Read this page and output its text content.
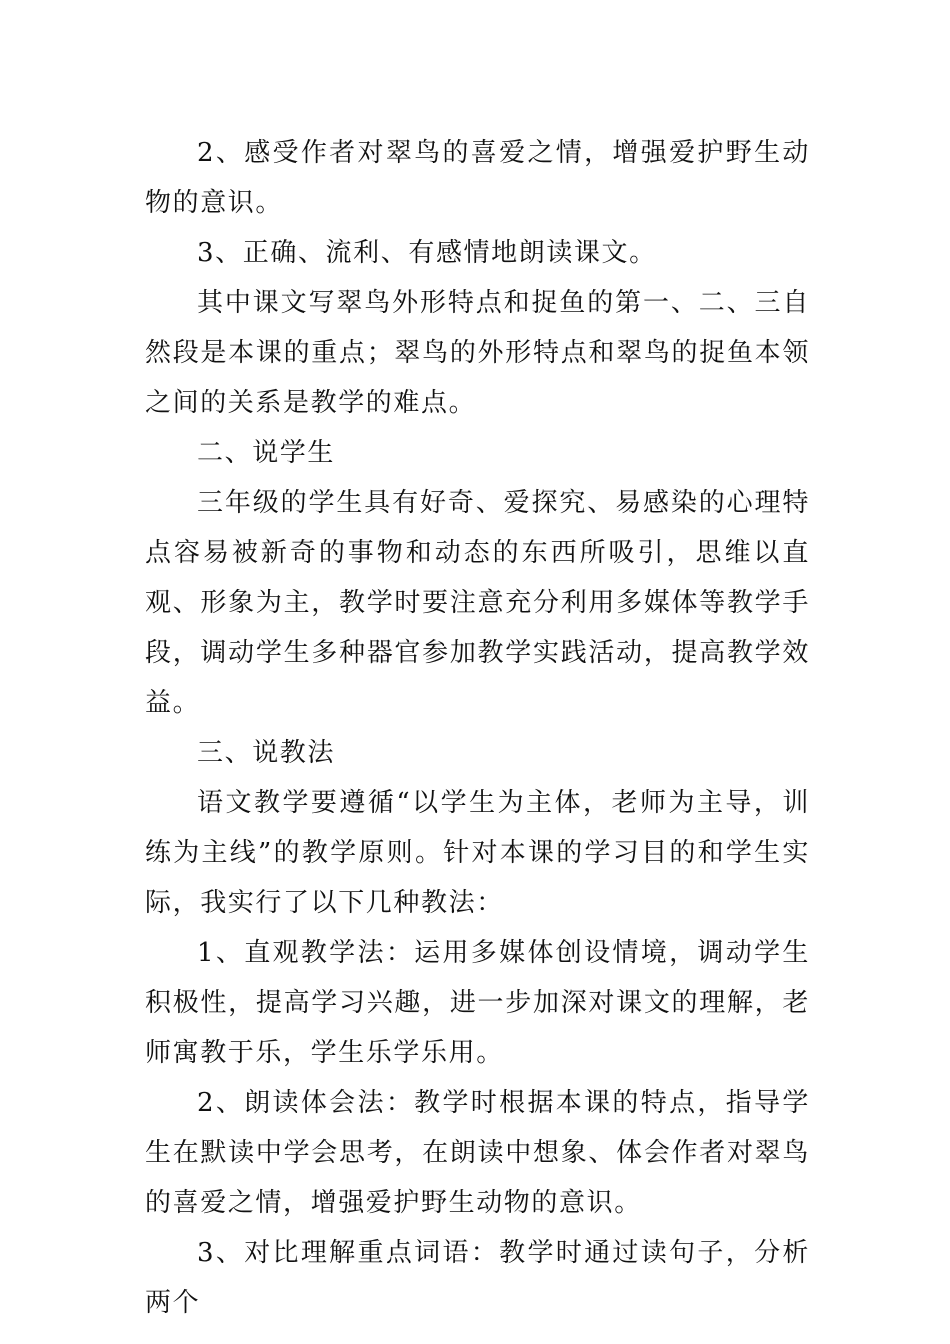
2、感受作者对翠鸟的喜爱之情，增强爱护野生动物的意识。

3、正确、流利、有感情地朗读课文。

其中课文写翠鸟外形特点和捉鱼的第一、二、三自然段是本课的重点；翠鸟的外形特点和翠鸟的捉鱼本领之间的关系是教学的难点。

二、说学生

三年级的学生具有好奇、爱探究、易感染的心理特点容易被新奇的事物和动态的东西所吸引，思维以直观、形象为主，教学时要注意充分利用多媒体等教学手段，调动学生多种器官参加教学实践活动，提高教学效益。

三、说教法

语文教学要遵循“以学生为主体，老师为主导，训练为主线”的教学原则。针对本课的学习目的和学生实际，我实行了以下几种教法：

1、直观教学法：运用多媒体创设情境，调动学生积极性，提高学习兴趣，进一步加深对课文的理解，老师寓教于乐，学生乐学乐用。

2、朗读体会法：教学时根据本课的特点，指导学生在默读中学会思考，在朗读中想象、体会作者对翠鸟的喜爱之情，增强爱护野生动物的意识。

3、对比理解重点词语：教学时通过读句子，分析两个
